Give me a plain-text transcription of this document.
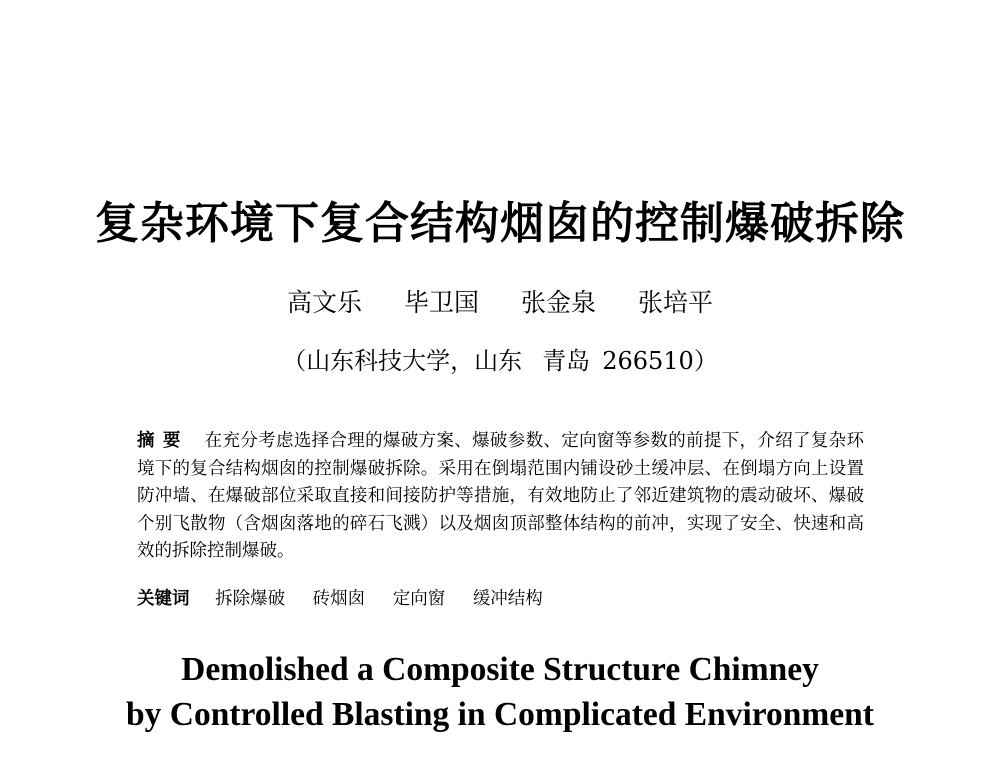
复杂环境下复合结构烟囱的控制爆破拆除
高文乐 毕卫国 张金泉 张培平
（山东科技大学，山东 青岛 266510）

摘要 在充分考虑选择合理的爆破方案、爆破参数、定向窗等参数的前提下，介绍了复杂环境下的复合结构烟囱的控制爆破拆除。采用在倒塌范围内铺设砂土缓冲层、在倒塌方向上设置防冲墙、在爆破部位采取直接和间接防护等措施，有效地防止了邻近建筑物的震动破坏、爆破个别飞散物（含烟囱落地的碎石飞溅）以及烟囱顶部整体结构的前冲，实现了安全、快速和高效的拆除控制爆破。

关键词 拆除爆破 砖烟囱 定向窗 缓冲结构
Demolished a Composite Structure Chimney
by Controlled Blasting in Complicated Environment
